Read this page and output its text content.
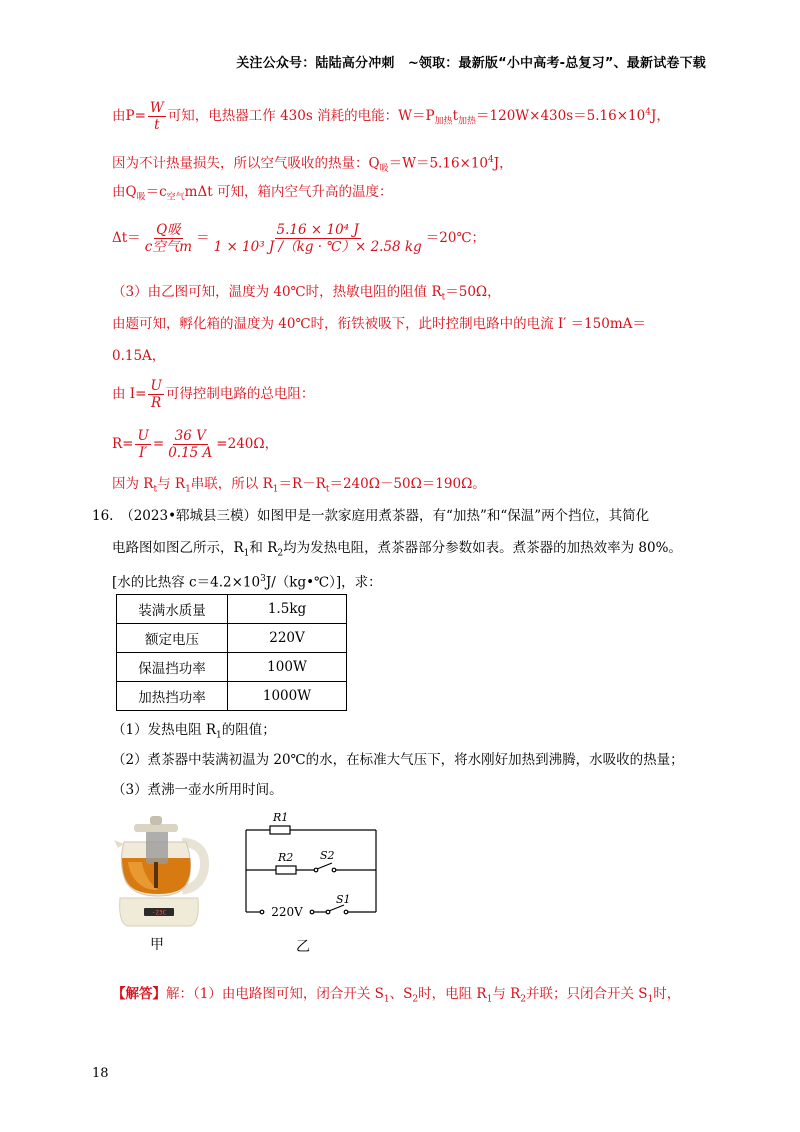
关注公众号：陆陆高分冲刺　~领取：最新版“小中高考-总复习”、最新试卷下载
由$P= \frac{W}{t}$ 可知，电热器工作 430s 消耗的电能：$W=P_{加热}t_{加热}=120W\times 430s=5.16\times 10^4J$，
因为不计热量损失，所以空气吸收的热量：$Q_吸=W=5.16\times 10^4J$，
由$Q_吸=c_{空气}m\Delta t$ 可知，箱内空气升高的温度：
$\Delta t= \frac{\text{Q吸}}{\text{c空气m}} = \frac{\text{5.16 × 10⁴ J}}{\text{1 × 10³ J /（kg · ℃）× 2.58 kg}}$ ＝20℃；
（3）由乙图可知，温度为 40℃时，热敏电阻的阻值 $R_t=50\Omega$，
由题可知，孵化箱的温度为 40℃时，衔铁被吸下，此时控制电路中的电流 I′ ＝150mA＝
0.15A，
由 $I= \frac{U}{R}$ 可得控制电路的总电阻：
$R= \frac{U}{I'} = \frac{36 V}{0.15 A} =240\Omega$，
因为 $R_t$与 $R_1$串联，所以 $R_1=R-R_t=240\Omega-50\Omega=190\Omega$。
16.　（2023•郓城县三模）如图甲是一款家庭用煮茶器，有“加热”和“保温”两个挡位，其简化
电路图如图乙所示，$R_1$和 $R_2$均为发热电阻，煮茶器部分参数如表。煮茶器的加热效率为 80%。
[水的比热容 $c=4.2\times 10^3J/(kg•℃)$]，求：
装满水质量	1.5kg
额定电压	220V
保温挡功率	100W
加热挡功率	1000W
（1）发热电阻 $R_1$的阻值；
（2）煮茶器中装满初温为 20℃的水，在标准大气压下，将水刚好加热到沸腾，水吸收的热量；
（3）煮沸一壶水所用时间。
-23C
甲
R1
R2 S2
S1
220V
乙
【解答】解：（1）由电路图可知，闭合开关 $S_1$、$S_2$时，电阻 $R_1$与 $R_2$并联；只闭合开关 $S_1$时，
18
